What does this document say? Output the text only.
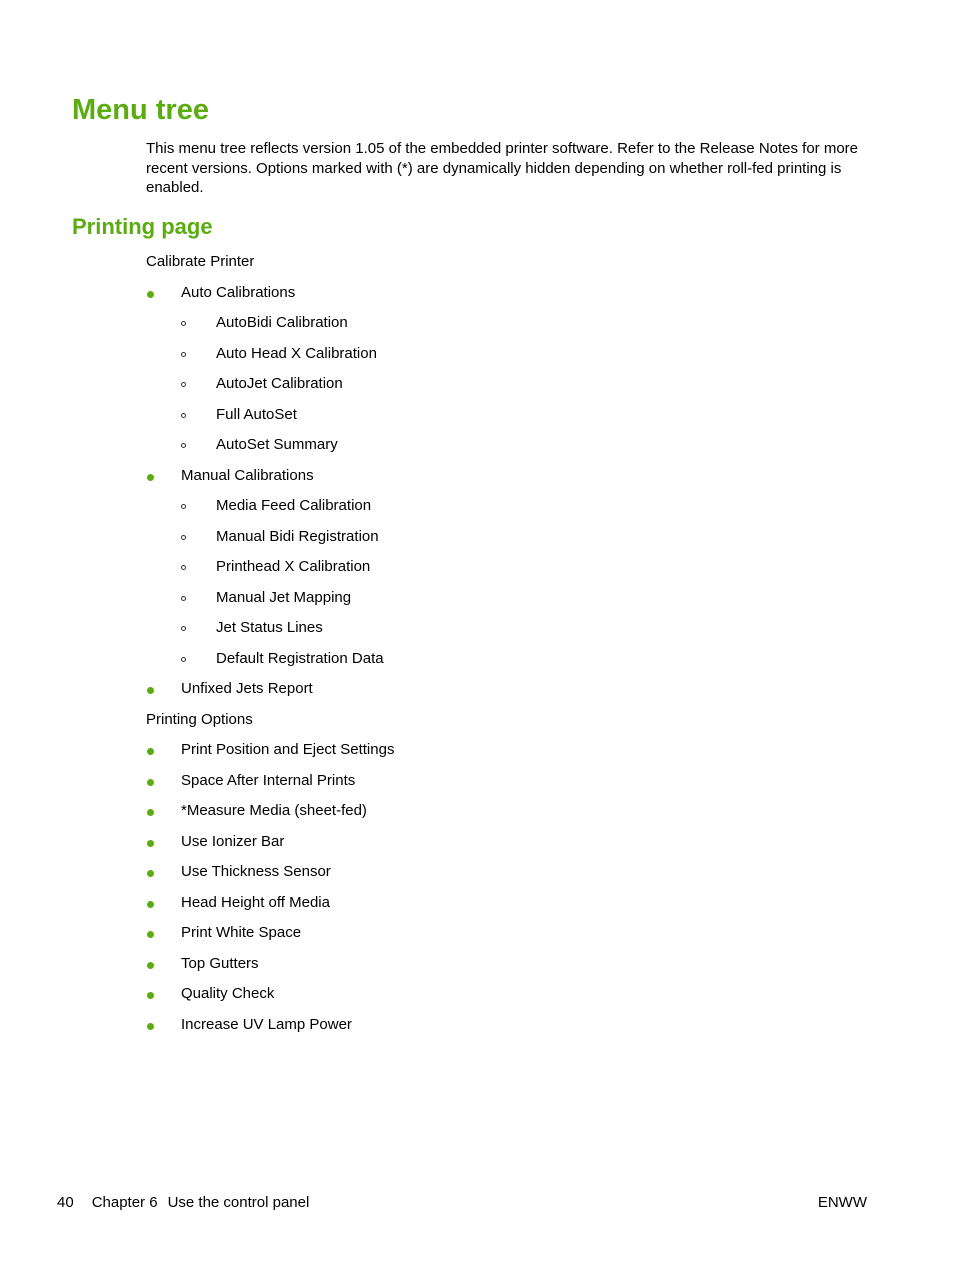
Menu tree

This menu tree reflects version 1.05 of the embedded printer software. Refer to the Release Notes for more recent versions. Options marked with (*) are dynamically hidden depending on whether roll-fed printing is enabled.

Printing page
Calibrate Printer
Auto Calibrations
AutoBidi Calibration
Auto Head X Calibration
AutoJet Calibration
Full AutoSet
AutoSet Summary
Manual Calibrations
Media Feed Calibration
Manual Bidi Registration
Printhead X Calibration
Manual Jet Mapping
Jet Status Lines
Default Registration Data
Unfixed Jets Report
Printing Options
Print Position and Eject Settings
Space After Internal Prints
*Measure Media (sheet-fed)
Use Ionizer Bar
Use Thickness Sensor
Head Height off Media
Print White Space
Top Gutters
Quality Check
Increase UV Lamp Power
40 Chapter 6 Use the control panel	ENWW
